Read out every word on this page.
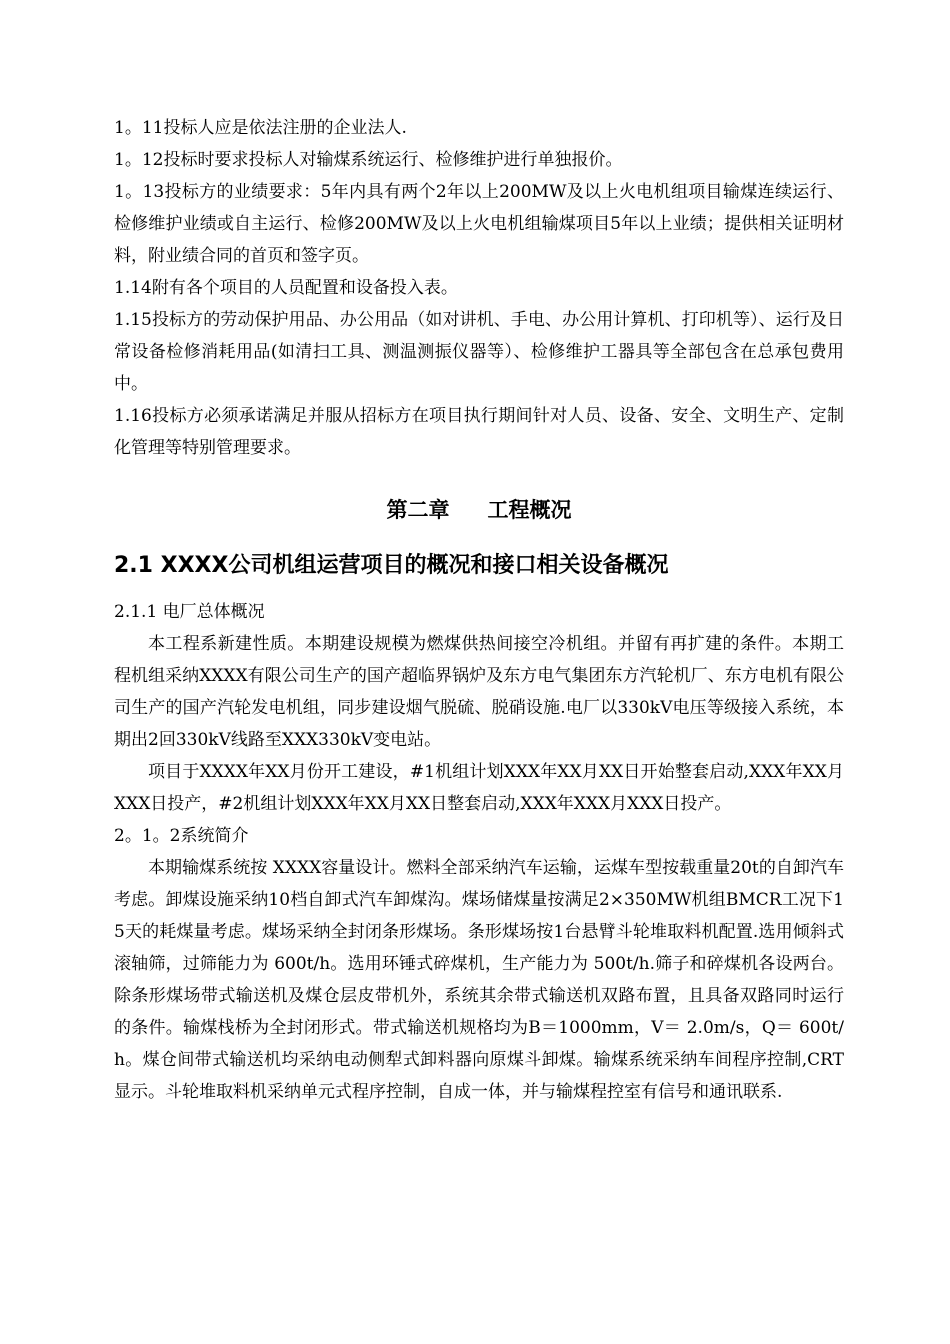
1。11投标人应是依法注册的企业法人.

1。12投标时要求投标人对输煤系统运行、检修维护进行单独报价。

1。13投标方的业绩要求：5年内具有两个2年以上200MW及以上火电机组项目输煤连续运行、检修维护业绩或自主运行、检修200MW及以上火电机组输煤项目5年以上业绩；提供相关证明材料，附业绩合同的首页和签字页。

1.14附有各个项目的人员配置和设备投入表。

1.15投标方的劳动保护用品、办公用品（如对讲机、手电、办公用计算机、打印机等）、运行及日常设备检修消耗用品(如清扫工具、测温测振仪器等）、检修维护工器具等全部包含在总承包费用中。

1.16投标方必须承诺满足并服从招标方在项目执行期间针对人员、设备、安全、文明生产、定制化管理等特别管理要求。

第二章 工程概况
2.1 XXXX公司机组运营项目的概况和接口相关设备概况

2.1.1 电厂总体概况

本工程系新建性质。本期建设规模为燃煤供热间接空冷机组。并留有再扩建的条件。本期工程机组采纳XXXX有限公司生产的国产超临界锅炉及东方电气集团东方汽轮机厂、东方电机有限公司生产的国产汽轮发电机组，同步建设烟气脱硫、脱硝设施.电厂以330kV电压等级接入系统，本期出2回330kV线路至XXX330kV变电站。

项目于XXXX年XX月份开工建设，#1机组计划XXX年XX月XX日开始整套启动,XXX年XX月XXX日投产，#2机组计划XXX年XX月XX日整套启动,XXX年XXX月XXX日投产。

2。1。2系统简介

本期输煤系统按 XXXX容量设计。燃料全部采纳汽车运输，运煤车型按载重量20t的自卸汽车考虑。卸煤设施采纳10档自卸式汽车卸煤沟。煤场储煤量按满足2×350MW机组BMCR工况下15天的耗煤量考虑。煤场采纳全封闭条形煤场。条形煤场按1台悬臂斗轮堆取料机配置.选用倾斜式滚轴筛，过筛能力为 600t/h。选用环锤式碎煤机，生产能力为 500t/h.筛子和碎煤机各设两台。除条形煤场带式输送机及煤仓层皮带机外，系统其余带式输送机双路布置，且具备双路同时运行的条件。输煤栈桥为全封闭形式。带式输送机规格均为B＝1000mm，V＝ 2.0m/s，Q＝ 600t/h。煤仓间带式输送机均采纳电动侧犁式卸料器向原煤斗卸煤。输煤系统采纳车间程序控制,CRT 显示。斗轮堆取料机采纳单元式程序控制，自成一体，并与输煤程控室有信号和通讯联系.
